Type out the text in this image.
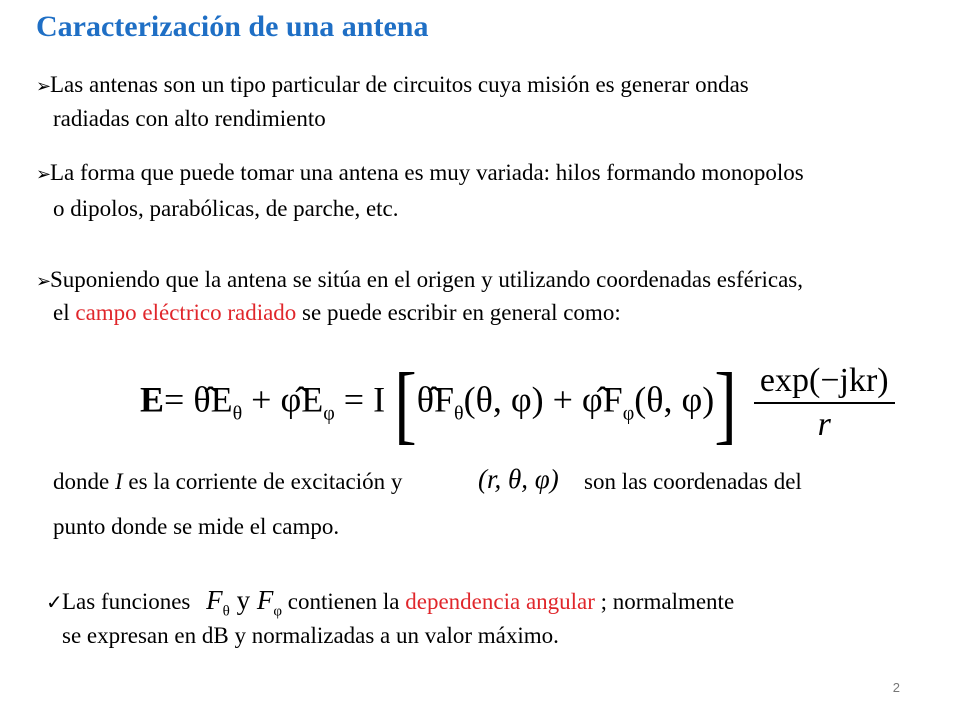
Caracterización de una antena
➢Las antenas son un tipo particular de circuitos cuya misión es generar ondas
radiadas con alto rendimiento
➢La forma que puede tomar una antena es muy variada: hilos formando monopolos
o dipolos, parabólicas, de parche, etc.
➢Suponiendo que la antena se sitúa en el origen y utilizando coordenadas esféricas,
el campo eléctrico radiado se puede escribir en general como:
$E= \thetâE_\theta$ + $\varphîE_\varphi = I$ [$\thetâF_\theta(\theta$, $\varphi) + \varphîF_\varphi(\theta$, $\varphi)] \frac{\text{exp(−jkr)}}{r}$
donde I es la corriente de excitación y	(r, θ, φ) son las coordenadas del
punto donde se mide el campo.
✓Las funciones $F_\theta$ y $F_\varphi$ contienen la dependencia angular ; normalmente
se expresan en dB y normalizadas a un valor máximo.
2
